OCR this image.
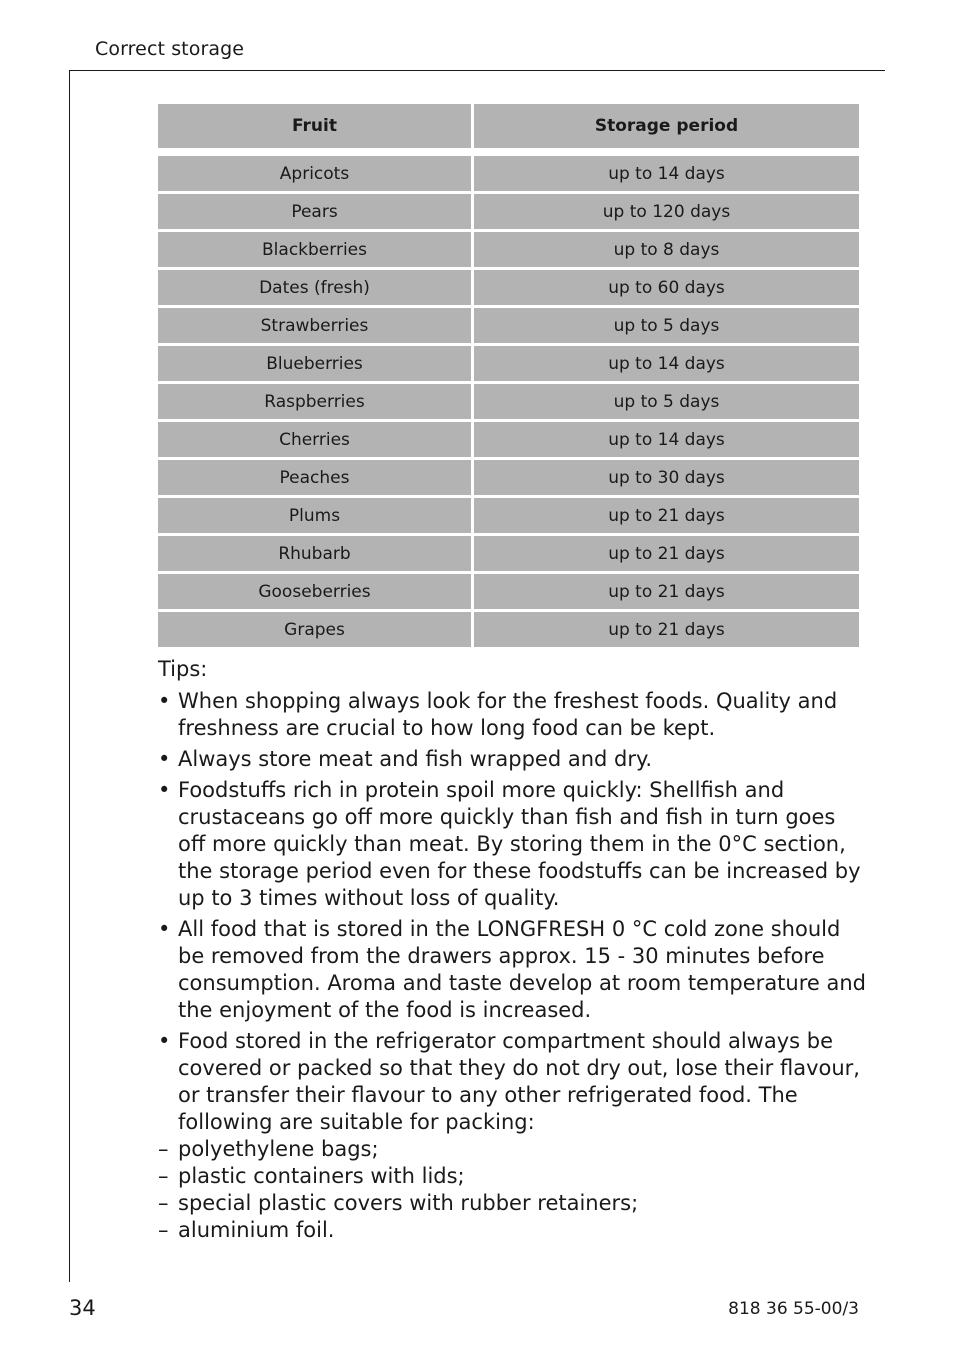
Correct storage
Fruit	Storage period
Apricots	up to 14 days
Pears	up to 120 days
Blackberries	up to 8 days
Dates (fresh)	up to 60 days
Strawberries	up to 5 days
Blueberries	up to 14 days
Raspberries	up to 5 days
Cherries	up to 14 days
Peaches	up to 30 days
Plums	up to 21 days
Rhubarb	up to 21 days
Gooseberries	up to 21 days
Grapes	up to 21 days
Tips:
• When shopping always look for the freshest foods. Quality and freshness are crucial to how long food can be kept.
• Always store meat and fish wrapped and dry.
• Foodstuffs rich in protein spoil more quickly: Shellfish and crustaceans go off more quickly than fish and fish in turn goes off more quickly than meat. By storing them in the 0°C section, the storage period even for these foodstuffs can be increased by up to 3 times without loss of quality.
• All food that is stored in the LONGFRESH 0 °C cold zone should be removed from the drawers approx. 15 - 30 minutes before consumption. Aroma and taste develop at room temperature and the enjoyment of the food is increased.
• Food stored in the refrigerator compartment should always be covered or packed so that they do not dry out, lose their flavour, or transfer their flavour to any other refrigerated food. The following are suitable for packing:
– polyethylene bags;
– plastic containers with lids;
– special plastic covers with rubber retainers;
– aluminium foil.
34	818 36 55-00/3
